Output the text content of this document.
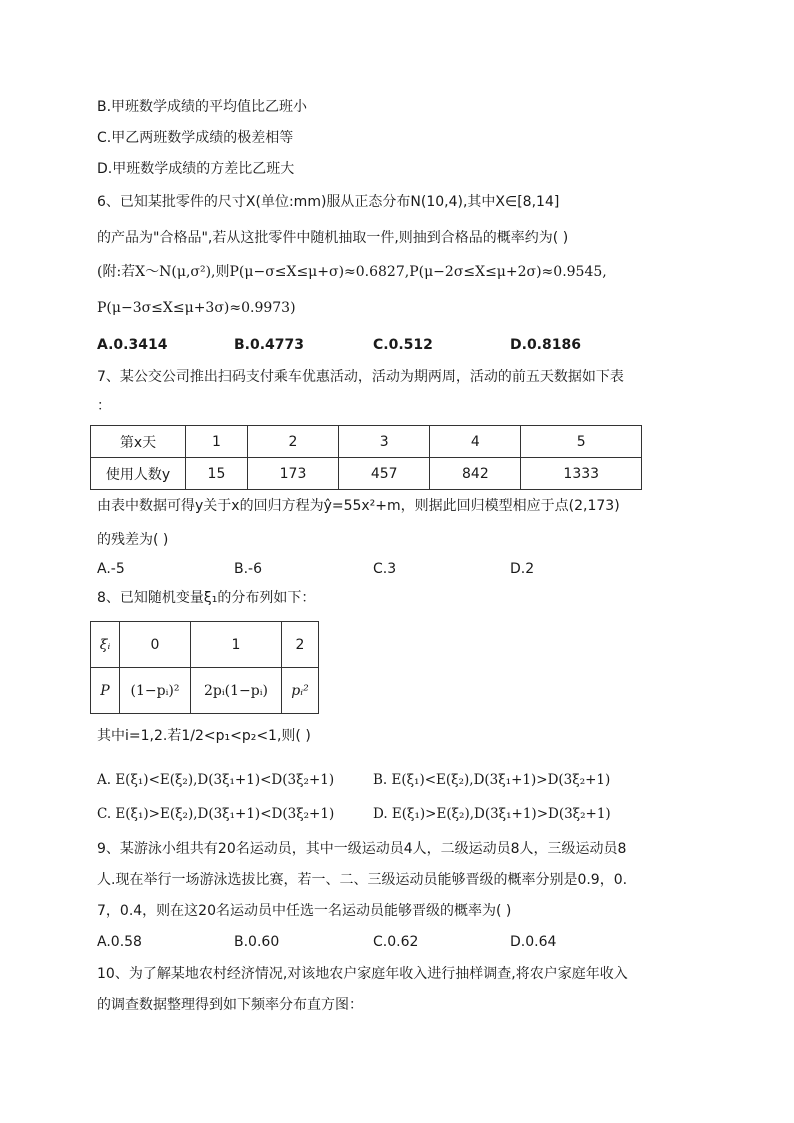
B.甲班数学成绩的平均值比乙班小
C.甲乙两班数学成绩的极差相等
D.甲班数学成绩的方差比乙班大
6、已知某批零件的尺寸X(单位:mm)服从正态分布N(10,4),其中X∈[8,14]
的产品为"合格品",若从这批零件中随机抽取一件,则抽到合格品的概率约为( )
(附:若X～N(μ,σ²),则P(μ−σ≤X≤μ+σ)≈0.6827,P(μ−2σ≤X≤μ+2σ)≈0.9545,
P(μ−3σ≤X≤μ+3σ)≈0.9973)
A.0.3414	B.0.4773	C.0.512	D.0.8186
7、某公交公司推出扫码支付乘车优惠活动，活动为期两周，活动的前五天数据如下表
：
第x天	1	2	3	4	5
使用人数y	15	173	457	842	1333
由表中数据可得y关于x的回归方程为ŷ=55x²+m，则据此回归模型相应于点(2,173)
的残差为( )
A.-5	B.-6	C.3	D.2
8、已知随机变量ξ₁的分布列如下：
ξᵢ	0	1	2
P	(1−pᵢ)²	2pᵢ(1−pᵢ)	pᵢ²
其中i=1,2.若1/2<p₁<p₂<1,则( )
A. E(ξ₁)<E(ξ₂),D(3ξ₁+1)<D(3ξ₂+1)	B. E(ξ₁)<E(ξ₂),D(3ξ₁+1)>D(3ξ₂+1)
C. E(ξ₁)>E(ξ₂),D(3ξ₁+1)<D(3ξ₂+1)	D. E(ξ₁)>E(ξ₂),D(3ξ₁+1)>D(3ξ₂+1)
9、某游泳小组共有20名运动员，其中一级运动员4人，二级运动员8人，三级运动员8
人.现在举行一场游泳选拔比赛，若一、二、三级运动员能够晋级的概率分别是0.9，0.
7，0.4，则在这20名运动员中任选一名运动员能够晋级的概率为( )
A.0.58	B.0.60	C.0.62	D.0.64
10、为了解某地农村经济情况,对该地农户家庭年收入进行抽样调查,将农户家庭年收入
的调查数据整理得到如下频率分布直方图：
